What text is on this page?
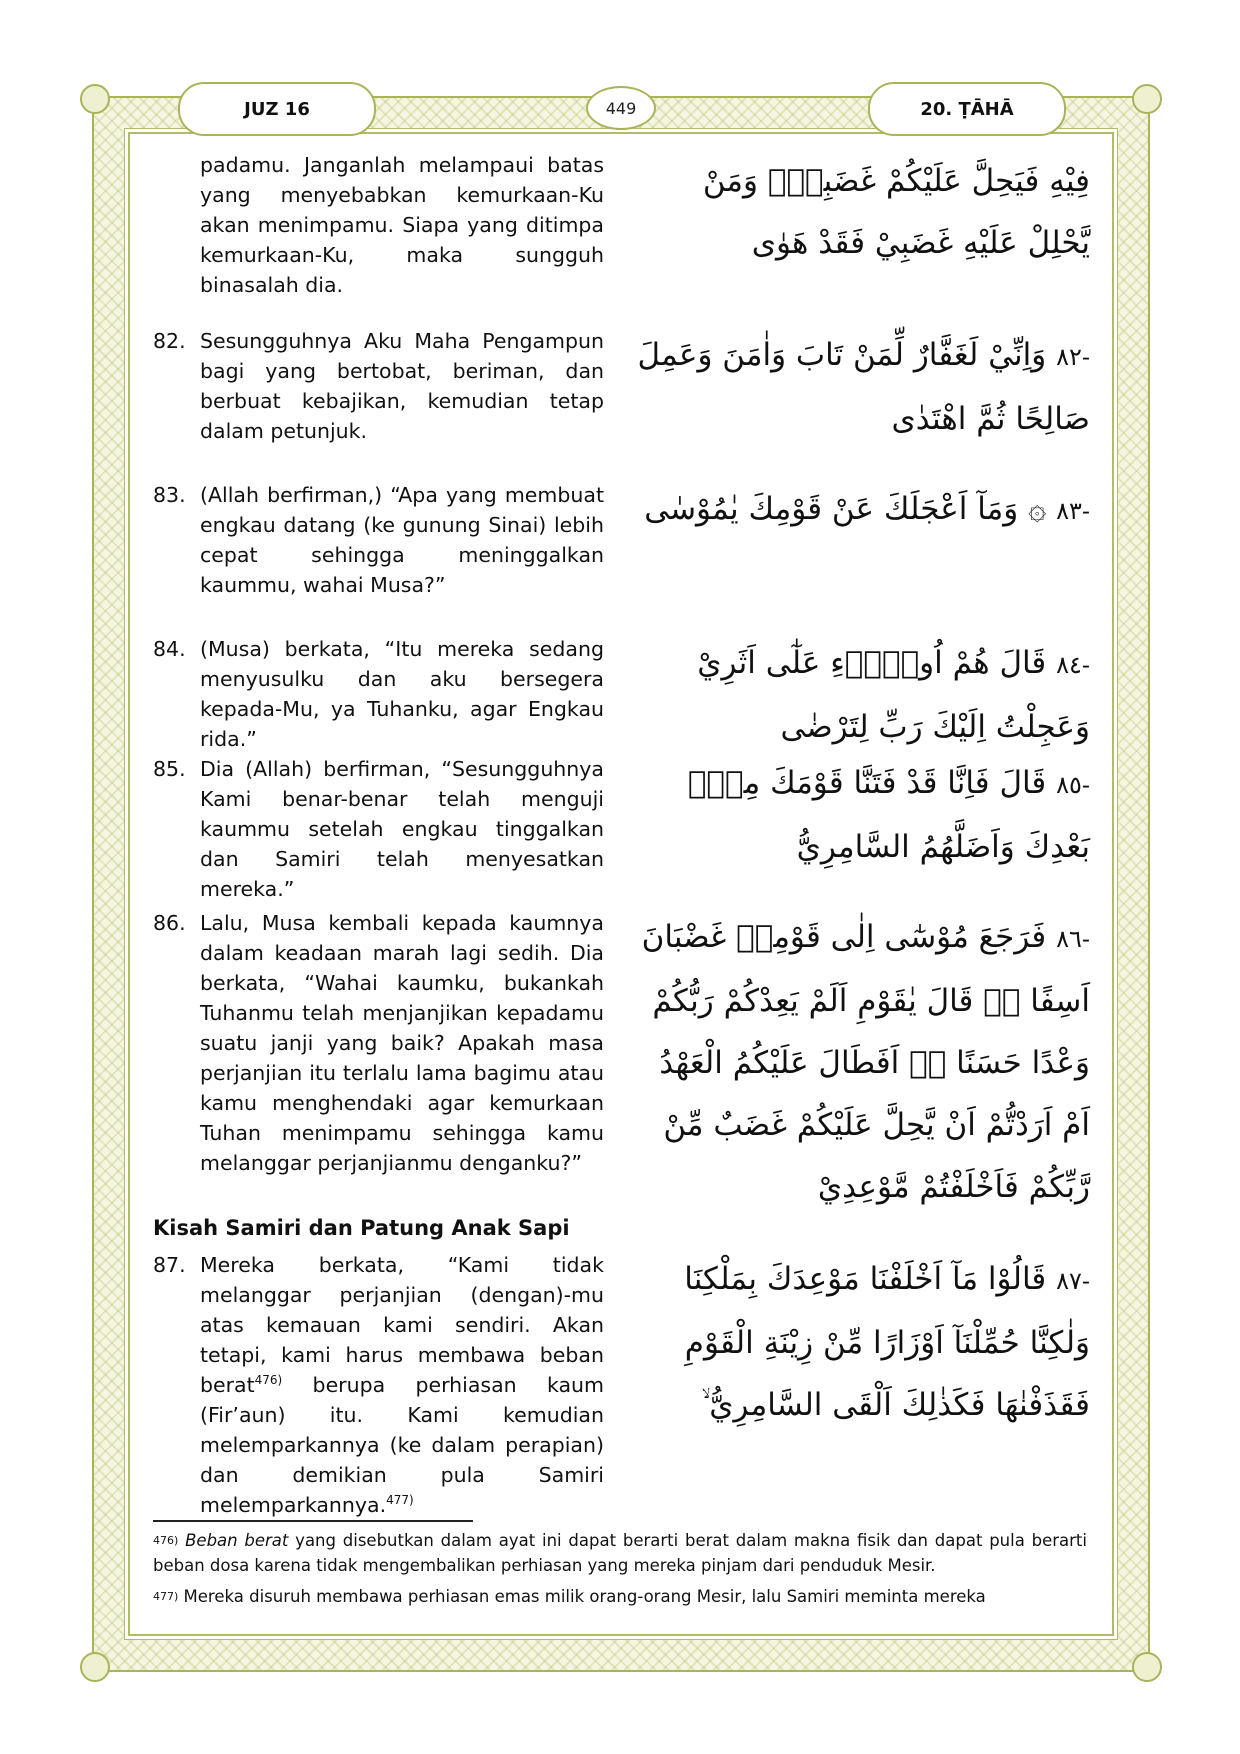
JUZ 16	449	20. ṬĀHĀ
padamu. Janganlah melampaui batas yang menyebabkan kemurkaan-Ku akan menimpamu. Siapa yang ditimpa kemurkaan-Ku, maka sungguh binasalah dia.
فِيْهِ فَيَحِلَّ عَلَيْكُمْ غَضَبِيْۚ وَمَنْ يَّحْلِلْ عَلَيْهِ غَضَبِيْ فَقَدْ هَوٰى
82. Sesungguhnya Aku Maha Pengampun bagi yang bertobat, beriman, dan berbuat kebajikan, kemudian tetap dalam petunjuk.
-٨٢ وَاِنِّيْ لَغَفَّارٌ لِّمَنْ تَابَ وَاٰمَنَ وَعَمِلَ صَالِحًا ثُمَّ اهْتَدٰى
83. (Allah berfirman,) “Apa yang membuat engkau datang (ke gunung Sinai) lebih cepat sehingga meninggalkan kaummu, wahai Musa?”
-٨٣ ۞ وَمَآ اَعْجَلَكَ عَنْ قَوْمِكَ يٰمُوْسٰى
84. (Musa) berkata, “Itu mereka sedang menyusulku dan aku bersegera kepada-Mu, ya Tuhanku, agar Engkau rida.”
-٨٤ قَالَ هُمْ اُولَاۤءِ عَلٰٓى اَثَرِيْ وَعَجِلْتُ اِلَيْكَ رَبِّ لِتَرْضٰى
85. Dia (Allah) berfirman, “Sesungguhnya Kami benar-benar telah menguji kaummu setelah engkau tinggalkan dan Samiri telah menyesatkan mereka.”
-٨٥ قَالَ فَاِنَّا قَدْ فَتَنَّا قَوْمَكَ مِنْۢ بَعْدِكَ وَاَضَلَّهُمُ السَّامِرِيُّ
86. Lalu, Musa kembali kepada kaumnya dalam keadaan marah lagi sedih. Dia berkata, “Wahai kaumku, bukankah Tuhanmu telah menjanjikan kepadamu suatu janji yang baik? Apakah masa perjanjian itu terlalu lama bagimu atau kamu menghendaki agar kemurkaan Tuhan menimpamu sehingga kamu melanggar perjanjianmu denganku?”
-٨٦ فَرَجَعَ مُوْسٰٓى اِلٰى قَوْمِهٖ غَضْبَانَ اَسِفًا ەۚ قَالَ يٰقَوْمِ اَلَمْ يَعِدْكُمْ رَبُّكُمْ وَعْدًا حَسَنًا ەۗ اَفَطَالَ عَلَيْكُمُ الْعَهْدُ اَمْ اَرَدْتُّمْ اَنْ يَّحِلَّ عَلَيْكُمْ غَضَبٌ مِّنْ رَّبِّكُمْ فَاَخْلَفْتُمْ مَّوْعِدِيْ
Kisah Samiri dan Patung Anak Sapi
87. Mereka berkata, “Kami tidak melanggar perjanjian (dengan)-mu atas kemauan kami sendiri. Akan tetapi, kami harus membawa beban berat$^{476)}$ berupa perhiasan kaum (Fir’aun) itu. Kami kemudian melemparkannya (ke dalam perapian) dan demikian pula Samiri melemparkannya.$^{477)}$
-٨٧ قَالُوْا مَآ اَخْلَفْنَا مَوْعِدَكَ بِمَلْكِنَا وَلٰكِنَّا حُمِّلْنَآ اَوْزَارًا مِّنْ زِيْنَةِ الْقَوْمِ فَقَذَفْنٰهَا فَكَذٰلِكَ اَلْقَى السَّامِرِيُّ ۙ
$^{476)}$ Beban berat yang disebutkan dalam ayat ini dapat berarti berat dalam makna fisik dan dapat pula berarti beban dosa karena tidak mengembalikan perhiasan yang mereka pinjam dari penduduk Mesir.
$^{477)}$ Mereka disuruh membawa perhiasan emas milik orang-orang Mesir, lalu Samiri meminta mereka
